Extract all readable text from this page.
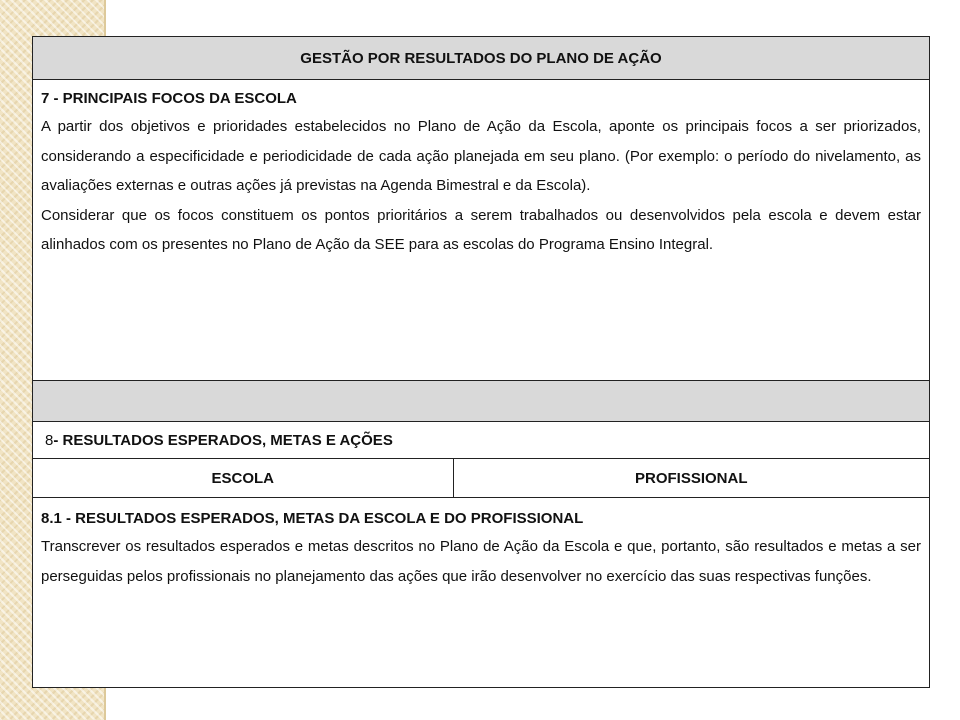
GESTÃO POR RESULTADOS DO PLANO DE AÇÃO
7 - PRINCIPAIS FOCOS DA ESCOLA

A partir dos objetivos e prioridades estabelecidos no Plano de Ação da Escola, aponte os principais focos a ser priorizados, considerando a especificidade e periodicidade de cada ação planejada em seu plano. (Por exemplo: o período do nivelamento, as avaliações externas e outras ações já previstas na Agenda Bimestral e da Escola).

Considerar que os focos constituem os pontos prioritários a serem trabalhados ou desenvolvidos pela escola e devem estar alinhados com os presentes no Plano de Ação da SEE para as escolas do Programa Ensino Integral.

8 - RESULTADOS ESPERADOS, METAS E AÇÕES
ESCOLA	PROFISSIONAL
8.1 - RESULTADOS ESPERADOS, METAS DA ESCOLA E DO PROFISSIONAL

Transcrever os resultados esperados e metas descritos no Plano de Ação da Escola e que, portanto, são resultados e metas a ser perseguidas pelos profissionais no planejamento das ações que irão desenvolver no exercício das suas respectivas funções.
